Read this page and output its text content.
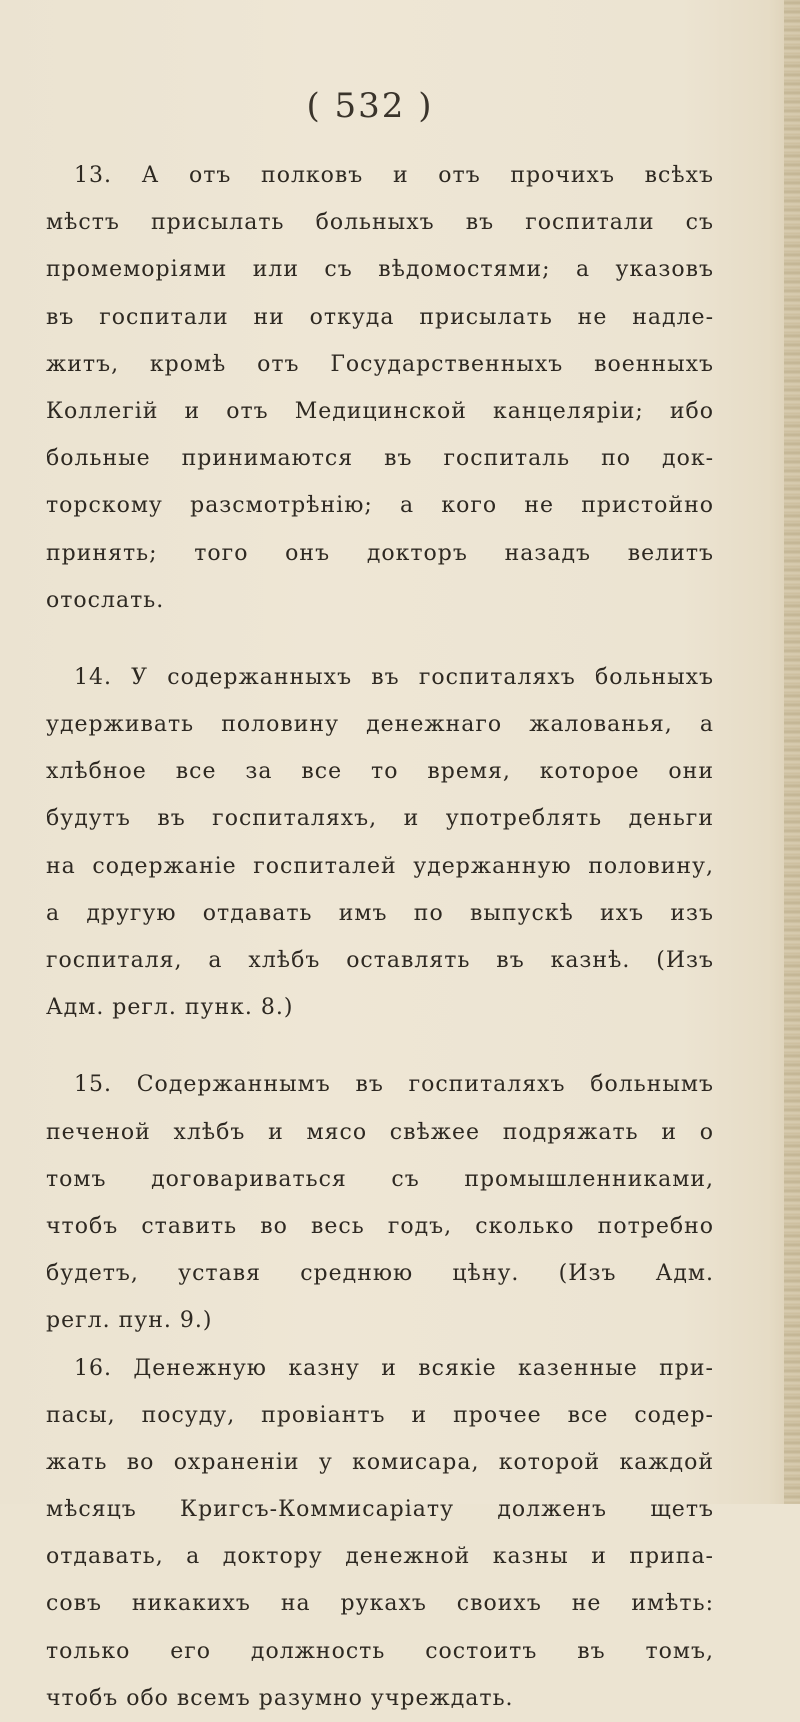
( 532 )
13. А отъ полковъ и отъ прочихъ всѣхъ
мѣстъ присылать больныхъ въ госпитали съ
промеморіями или съ вѣдомостями; а указовъ
въ госпитали ни откуда присылать не надле-
житъ, кромѣ отъ Государственныхъ военныхъ
Коллегій и отъ Медицинской канцеляріи; ибо
больные принимаются въ госпиталь по док-
торскому разсмотрѣнію; а кого не пристойно
принять; того онъ докторъ назадъ велитъ
отослать.
14. У содержанныхъ въ госпиталяхъ больныхъ
удерживать половину денежнаго жалованья, а
хлѣбное все за все то время, которое они
будутъ въ госпиталяхъ, и употреблять деньги
на содержаніе госпиталей удержанную половину,
а другую отдавать имъ по выпускѣ ихъ изъ
госпиталя, а хлѣбъ оставлять въ казнѣ. (Изъ
Адм. регл. пунк. 8.)
15. Содержаннымъ въ госпиталяхъ больнымъ
печеной хлѣбъ и мясо свѣжее подряжать и о
томъ договариваться съ промышленниками,
чтобъ ставить во весь годъ, сколько потребно
будетъ, уставя среднюю цѣну. (Изъ Адм.
регл. пун. 9.)
16. Денежную казну и всякіе казенные при-
пасы, посуду, провіантъ и прочее все содер-
жать во охраненіи у комисара, которой каждой
мѣсяцъ Кригсъ-Коммисаріату долженъ щетъ
отдавать, а доктору денежной казны и припа-
совъ никакихъ на рукахъ своихъ не имѣть:
только его должность состоитъ въ томъ,
чтобъ обо всемъ разумно учреждать.
